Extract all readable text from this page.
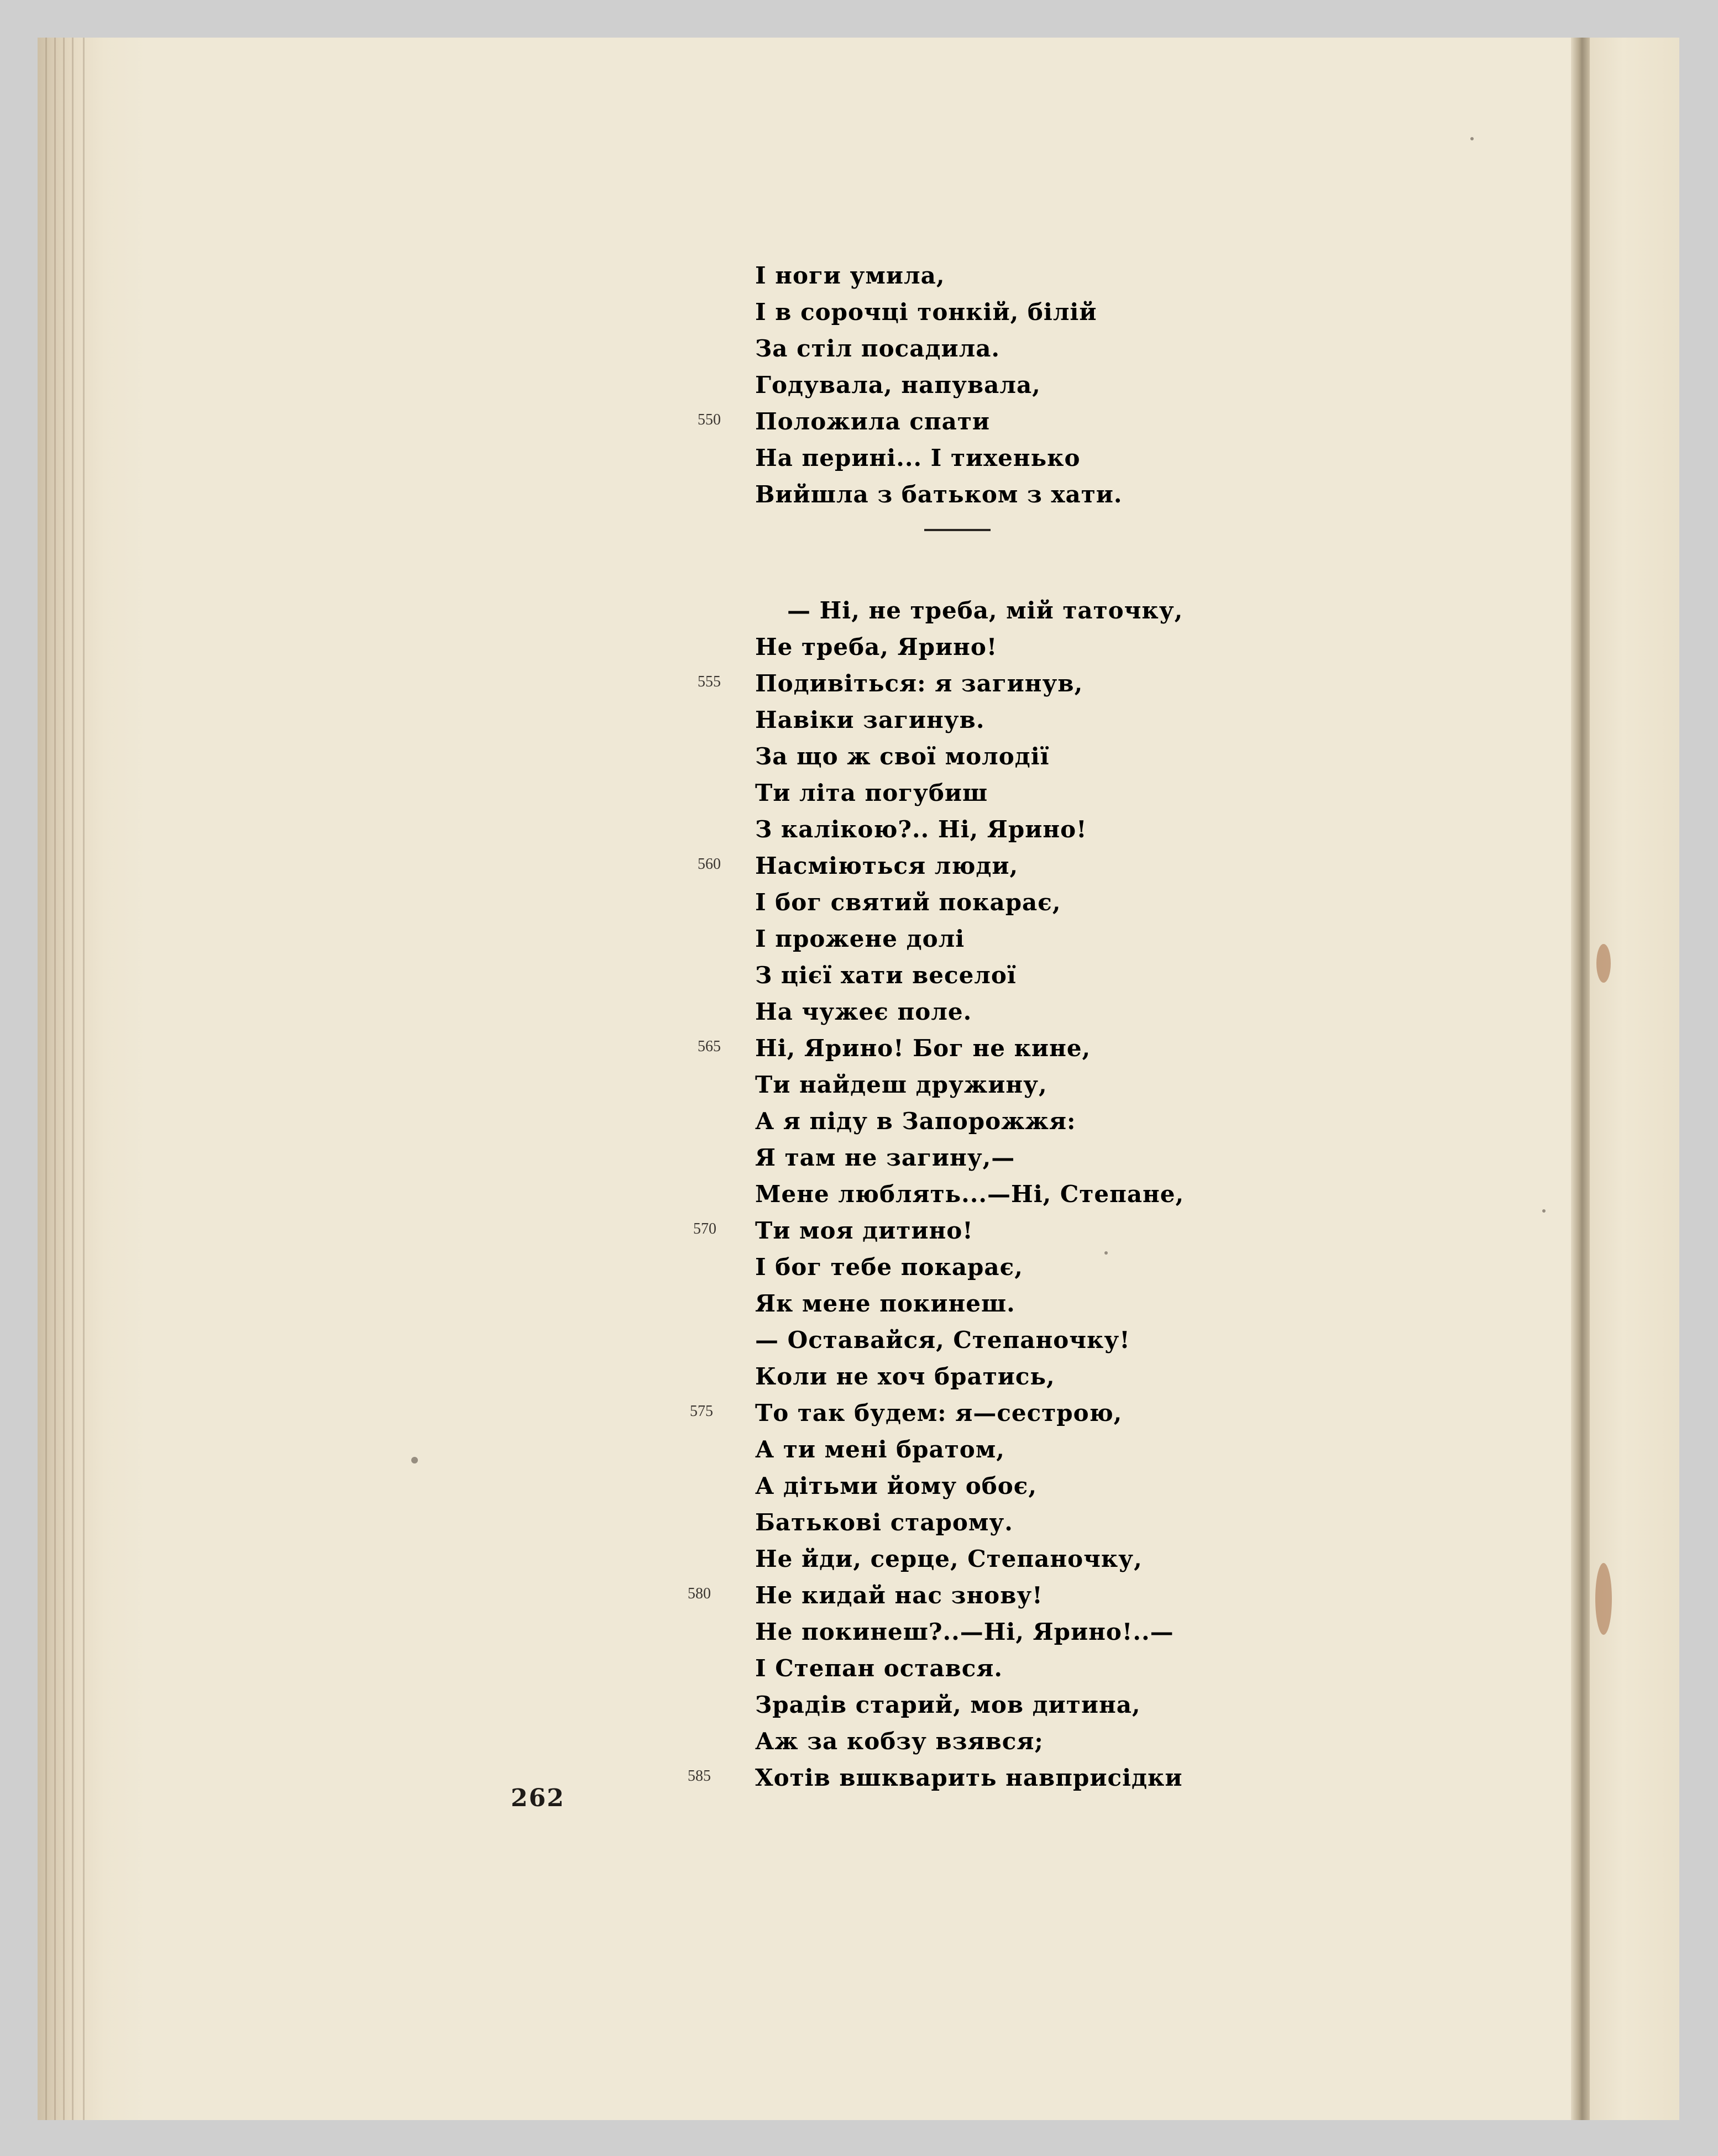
І ноги умила,
І в сорочці тонкій, білій
За стіл посадила.
Годувала, напувала,
Положила спати
На перині... І тихенько
Вийшла з батьком з хати.
— Ні, не треба, мій таточку,
Не треба, Ярино!
Подивіться: я загинув,
Навіки загинув.
За що ж свої молодії
Ти літа погубиш
З калікою?.. Ні, Ярино!
Насміються люди,
І бог святий покарає,
І прожене долі
З цієї хати веселої
На чужеє поле.
Ні, Ярино! Бог не кине,
Ти найдеш дружину,
А я піду в Запорожжя:
Я там не загину,—
Мене люблять...—Ні, Степане,
Ти моя дитино!
І бог тебе покарає,
Як мене покинеш.
— Оставайся, Степаночку!
Коли не хоч братись,
То так будем: я—сестрою,
А ти мені братом,
А дітьми йому обоє,
Батькові старому.
Не йди, серце, Степаночку,
Не кидай нас знову!
Не покинеш?..—Ні, Ярино!..—
І Степан остався.
Зрадів старий, мов дитина,
Аж за кобзу взявся;
Хотів вшкварить навприсідки
550
555
560
565
570
575
580
585
262
